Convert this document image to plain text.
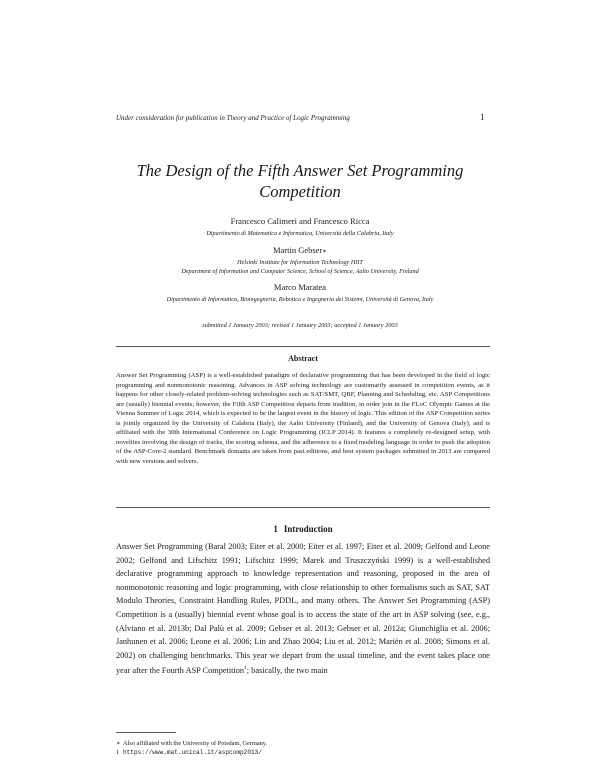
Under consideration for publication in Theory and Practice of Logic Programming	1
The Design of the Fifth Answer Set Programming Competition
Francesco Calimeri and Francesco Ricca
Dipartimento di Matematica e Informatica, Università della Calabria, Italy
Martin Gebser∗
Helsinki Institute for Information Technology HIIT
Department of Information and Computer Science, School of Science, Aalto University, Finland
Marco Maratea
Dipartimento di Informatica, Bioingegneria, Robotica e Ingegneria dei Sistemi, Università di Genova, Italy
submitted 1 January 2003; revised 1 January 2003; accepted 1 January 2003
Abstract
Answer Set Programming (ASP) is a well-established paradigm of declarative programming that has been developed in the field of logic programming and nonmonotonic reasoning. Advances in ASP solving technology are customarily assessed in competition events, as it happens for other closely-related problem-solving technologies such as SAT/SMT, QBF, Planning and Scheduling, etc. ASP Competitions are (usually) biennial events; however, the Fifth ASP Competition departs from tradition, in order join in the FLoC Olympic Games at the Vienna Summer of Logic 2014, which is expected to be the largest event in the history of logic. This edition of the ASP Competition series is jointly organized by the University of Calabria (Italy), the Aalto University (Finland), and the University of Genova (Italy), and is affiliated with the 30th International Conference on Logic Programming (ICLP 2014). It features a completely re-designed setup, with novelties involving the design of tracks, the scoring schema, and the adherence to a fixed modeling language in order to push the adoption of the ASP-Core-2 standard. Benchmark domains are taken from past editions, and best system packages submitted in 2013 are compared with new versions and solvers.
1 Introduction
Answer Set Programming (Baral 2003; Eiter et al. 2000; Eiter et al. 1997; Eiter et al. 2009; Gelfond and Leone 2002; Gelfond and Lifschitz 1991; Lifschitz 1999; Marek and Truszczyński 1999) is a well-established declarative programming approach to knowledge representation and reasoning, proposed in the area of nonmonotonic reasoning and logic programming, with close relationship to other formalisms such as SAT, SAT Modulo Theories, Constraint Handling Rules, PDDL, and many others. The Answer Set Programming (ASP) Competition is a (usually) biennial event whose goal is to access the state of the art in ASP solving (see, e.g., (Alviano et al. 2013b; Dal Palù et al. 2009; Gebser et al. 2013; Gebser et al. 2012a; Giunchiglia et al. 2006; Janhunen et al. 2006; Leone et al. 2006; Lin and Zhao 2004; Liu et al. 2012; Mariën et al. 2008; Simons et al. 2002) on challenging benchmarks. This year we depart from the usual timeline, and the event takes place one year after the Fourth ASP Competition$^1$; basically, the two main
∗ Also affiliated with the University of Potsdam, Germany.
1 https://www.mat.unical.it/aspcomp2013/
